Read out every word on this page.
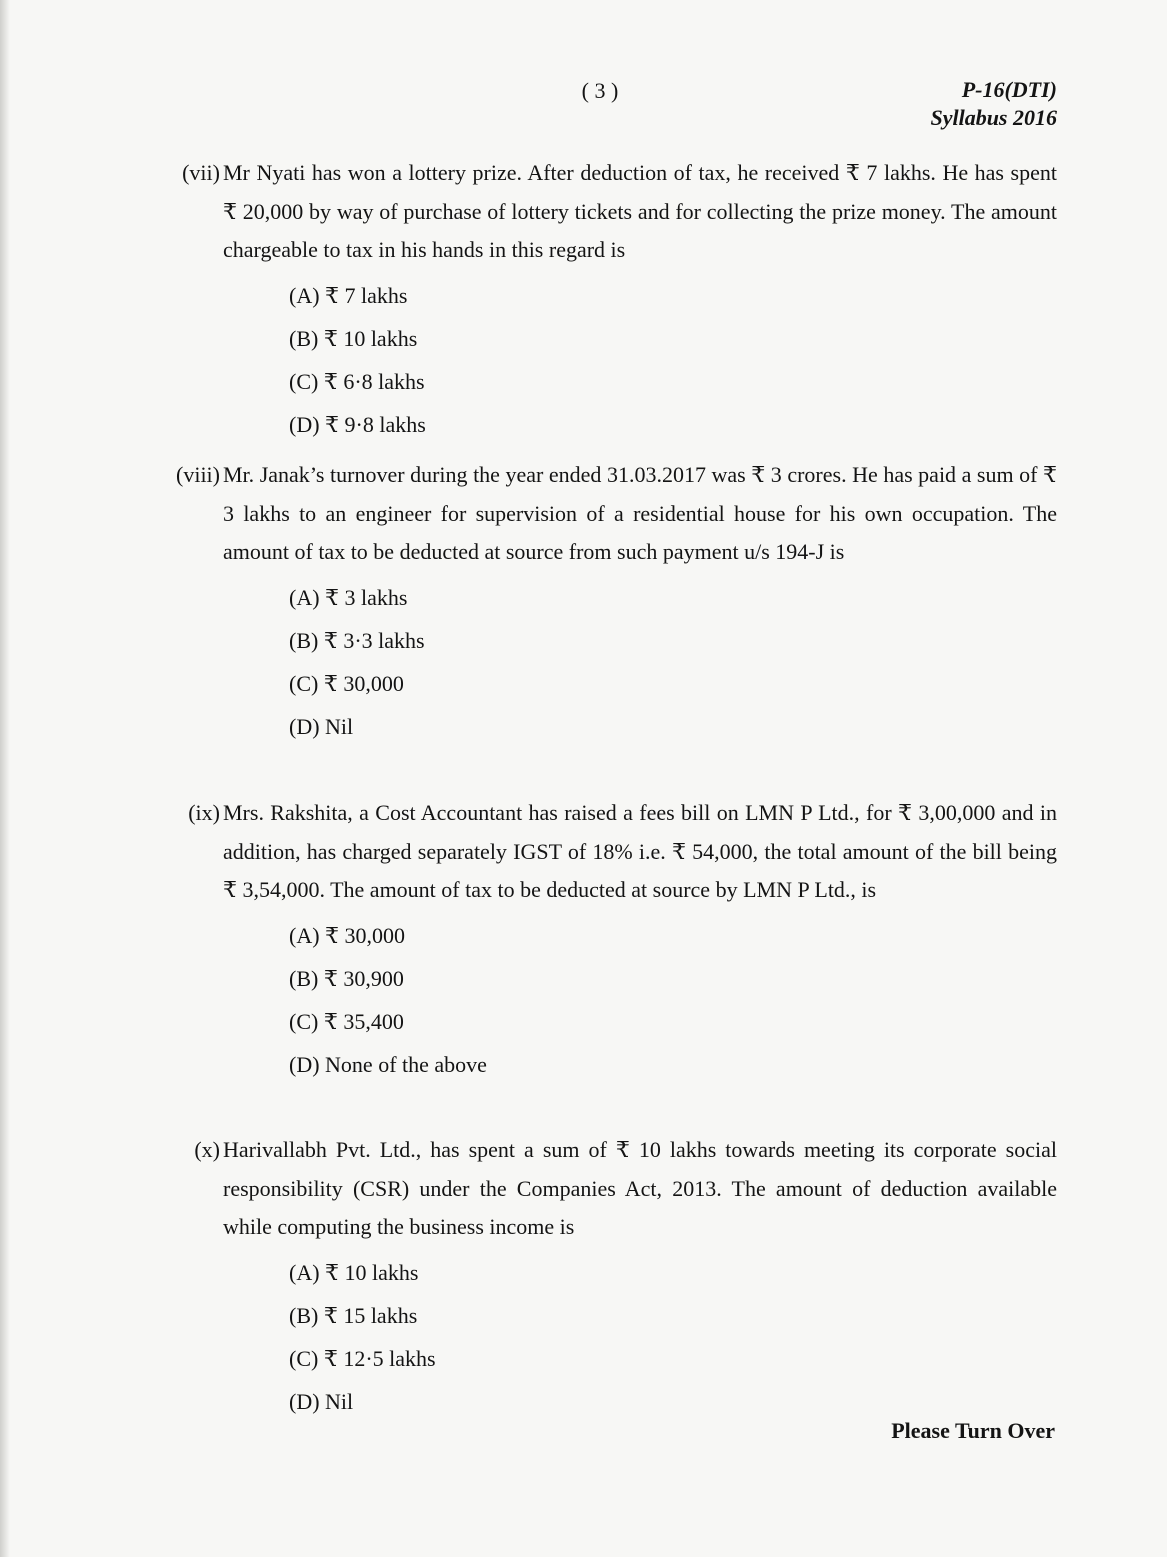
( 3 )	P-16(DTI)
Syllabus 2016
(vii) Mr Nyati has won a lottery prize. After deduction of tax, he received ₹ 7 lakhs. He has spent ₹ 20,000 by way of purchase of lottery tickets and for collecting the prize money. The amount chargeable to tax in his hands in this regard is

(A) ₹ 7 lakhs
(B) ₹ 10 lakhs
(C) ₹ 6·8 lakhs
(D) ₹ 9·8 lakhs
(viii) Mr. Janak’s turnover during the year ended 31.03.2017 was ₹ 3 crores. He has paid a sum of ₹ 3 lakhs to an engineer for supervision of a residential house for his own occupation. The amount of tax to be deducted at source from such payment u/s 194-J is

(A) ₹ 3 lakhs
(B) ₹ 3·3 lakhs
(C) ₹ 30,000
(D) Nil
(ix) Mrs. Rakshita, a Cost Accountant has raised a fees bill on LMN P Ltd., for ₹ 3,00,000 and in addition, has charged separately IGST of 18% i.e. ₹ 54,000, the total amount of the bill being ₹ 3,54,000. The amount of tax to be deducted at source by LMN P Ltd., is

(A) ₹ 30,000
(B) ₹ 30,900
(C) ₹ 35,400
(D) None of the above
(x) Harivallabh Pvt. Ltd., has spent a sum of ₹ 10 lakhs towards meeting its corporate social responsibility (CSR) under the Companies Act, 2013. The amount of deduction available while computing the business income is

(A) ₹ 10 lakhs
(B) ₹ 15 lakhs
(C) ₹ 12·5 lakhs
(D) Nil
Please Turn Over
